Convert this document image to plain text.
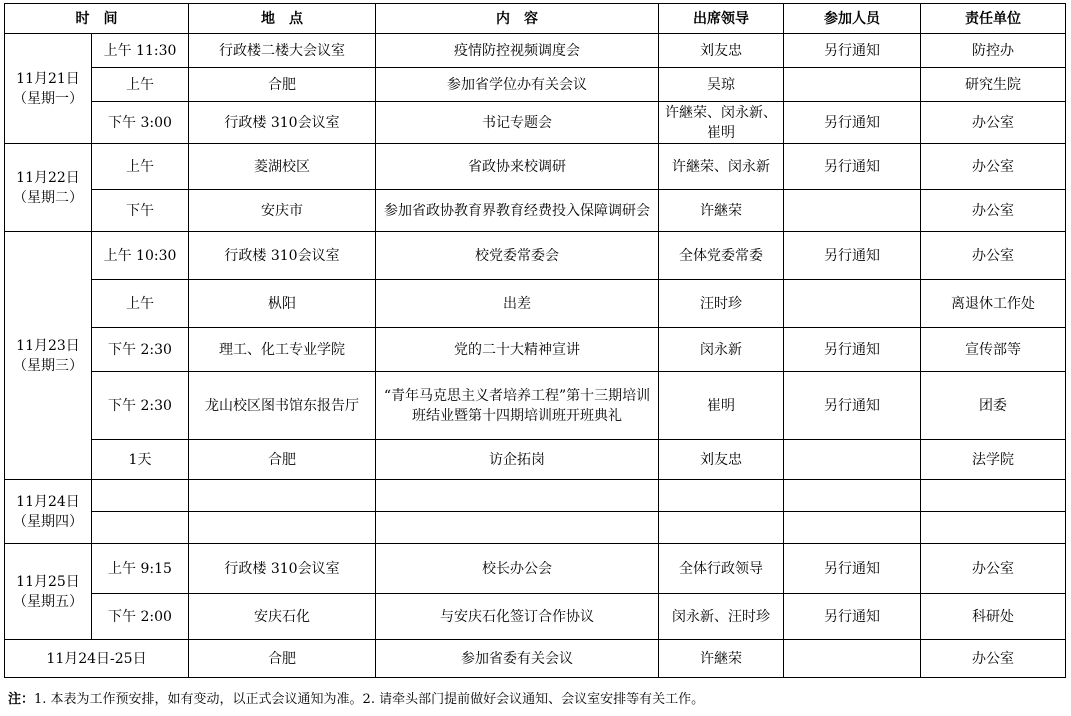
时　间		地　点	内　容	出席领导	参加人员	责任单位

11月21日
（星期一）	上午 11:30	行政楼二楼大会议室	疫情防控视频调度会	刘友忠	另行通知	防控办
	上午	合肥	参加省学位办有关会议	吴琼		研究生院
	下午 3:00	行政楼 310会议室	书记专题会	许継荣、闵永新、崔明	另行通知	办公室

11月22日
（星期二）	上午	菱湖校区	省政协来校调研	许継荣、闵永新	另行通知	办公室
	下午	安庆市	参加省政协教育界教育经费投入保障调研会	许継荣		办公室

11月23日
（星期三）	上午 10:30	行政楼 310会议室	校党委常委会	全体党委常委	另行通知	办公室
	上午	枞阳	出差	汪时珍		离退休工作处
	下午 2:30	理工、化工专业学院	党的二十大精神宣讲	闵永新	另行通知	宣传部等
	下午 2:30	龙山校区图书馆东报告厅	“青年马克思主义者培养工程”第十三期培训班结业暨第十四期培训班开班典礼	崔明	另行通知	团委
	1天	合肥	访企拓岗	刘友忠		法学院

11月24日
（星期四）						

11月25日
（星期五）	上午 9:15	行政楼 310会议室	校长办公会	全体行政领导	另行通知	办公室
	下午 2:00	安庆石化	与安庆石化签订合作协议	闵永新、汪时珍	另行通知	科研处
11月24日-25日		合肥	参加省委有关会议	许継荣		办公室
注：1. 本表为工作预安排，如有变动，以正式会议通知为准。2. 请牵头部门提前做好会议通知、会议室安排等有关工作。
